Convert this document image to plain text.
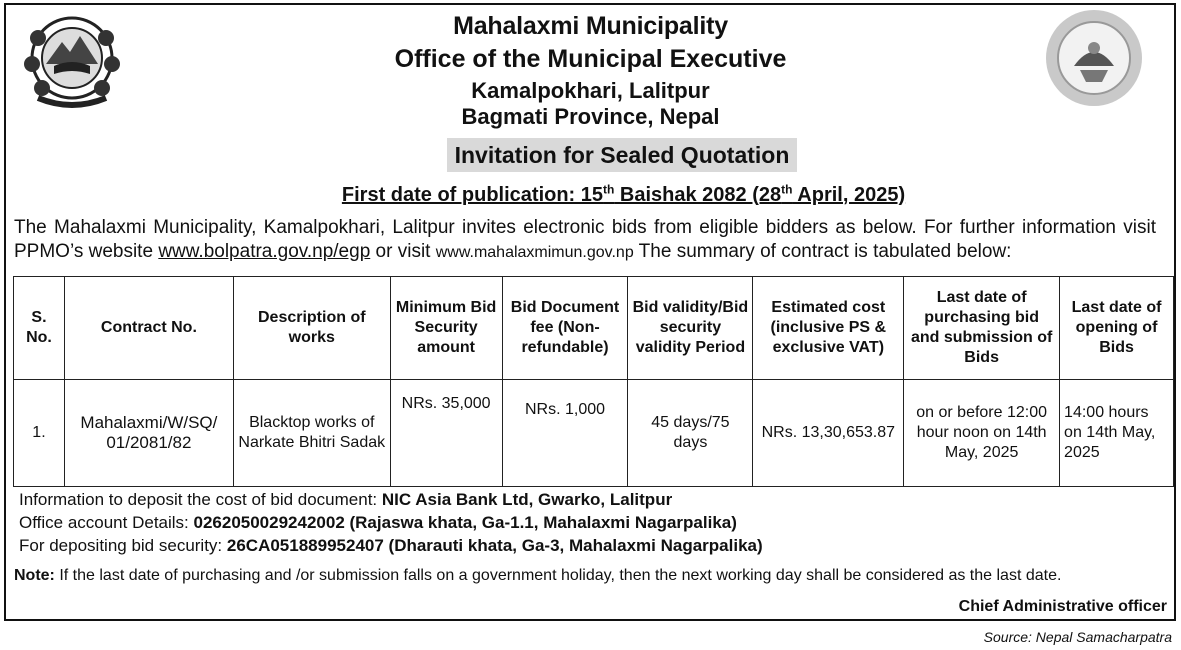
Mahalaxmi Municipality
Office of the Municipal Executive
Kamalpokhari, Lalitpur
Bagmati Province, Nepal
Invitation for Sealed Quotation
First date of publication: 15th Baishak 2082 (28th April, 2025)
The Mahalaxmi Municipality, Kamalpokhari, Lalitpur invites electronic bids from eligible bidders as below. For further information visit PPMO’s website www.bolpatra.gov.np/egp or visit www.mahalaxmimun.gov.np The summary of contract is tabulated below:
S. No.	Contract No.	Description of works	Minimum Bid Security amount	Bid Document fee (Non-refundable)	Bid validity/Bid security validity Period	Estimated cost (inclusive PS & exclusive VAT)	Last date of purchasing bid and submission of Bids	Last date of opening of Bids
1.	Mahalaxmi/W/SQ/ 01/2081/82	Blacktop works of Narkate Bhitri Sadak	NRs. 35,000	NRs. 1,000	45 days/75 days	NRs. 13,30,653.87	on or before 12:00 hour noon on 14th May, 2025	14:00 hours on 14th May, 2025
Information to deposit the cost of bid document: NIC Asia Bank Ltd, Gwarko, Lalitpur
Office account Details: 0262050029242002 (Rajaswa khata, Ga-1.1, Mahalaxmi Nagarpalika)
For depositing bid security: 26CA051889952407 (Dharauti khata, Ga-3, Mahalaxmi Nagarpalika)
Note: If the last date of purchasing and /or submission falls on a government holiday, then the next working day shall be considered as the last date.
Chief Administrative officer
Source: Nepal Samacharpatra
